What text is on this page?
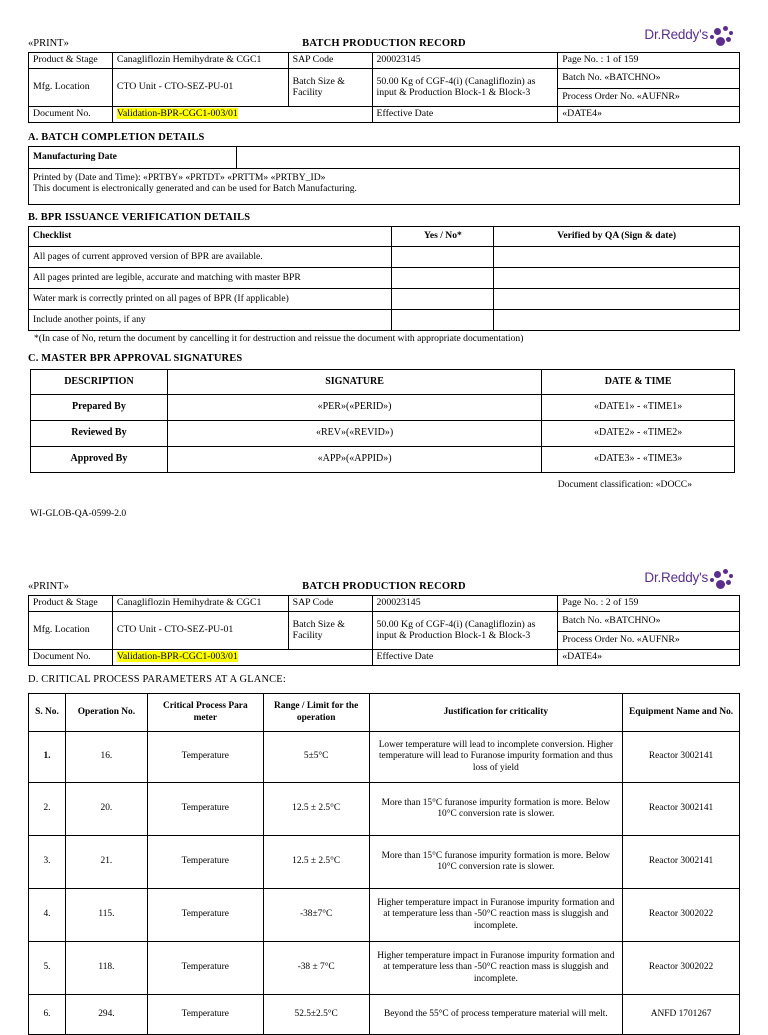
Dr.Reddy's
«PRINT»	BATCH PRODUCTION RECORD
Product & Stage	Canagliflozin Hemihydrate & CGC1	SAP Code	200023145	Page No. : 1 of 159
Mfg. Location	CTO Unit - CTO-SEZ-PU-01	Batch Size & Facility	50.00 Kg of CGF-4(i) (Canagliflozin) as input & Production Block-1 & Block-3	Batch No. «BATCHNO»
				Process Order No. «AUFNR»
Document No.	Validation-BPR-CGC1-003/01		Effective Date	«DATE4»
A. BATCH COMPLETION DETAILS
Manufacturing Date	

Printed by (Date and Time): «PRTBY» «PRTDT» «PRTTM» «PRTBY_ID»
This document is electronically generated and can be used for Batch Manufacturing.
B. BPR ISSUANCE VERIFICATION DETAILS
Checklist	Yes / No*	Verified by QA (Sign & date)
All pages of current approved version of BPR are available.		
All pages printed are legible, accurate and matching with master BPR		
Water mark is correctly printed on all pages of BPR (If applicable)		
Include another points, if any		
*(In case of No, return the document by cancelling it for destruction and reissue the document with appropriate documentation)
C. MASTER BPR APPROVAL SIGNATURES
DESCRIPTION	SIGNATURE	DATE & TIME
Prepared By	«PER»(«PERID»)	«DATE1» - «TIME1»
Reviewed By	«REV»(«REVID»)	«DATE2» - «TIME2»
Approved By	«APP»(«APPID»)	«DATE3» - «TIME3»
Document classification: «DOCC»
WI-GLOB-QA-0599-2.0
Dr.Reddy's
«PRINT»	BATCH PRODUCTION RECORD
Product & Stage	Canagliflozin Hemihydrate & CGC1	SAP Code	200023145	Page No. : 2 of 159
Mfg. Location	CTO Unit - CTO-SEZ-PU-01	Batch Size & Facility	50.00 Kg of CGF-4(i) (Canagliflozin) as input & Production Block-1 & Block-3	Batch No. «BATCHNO»
				Process Order No. «AUFNR»
Document No.	Validation-BPR-CGC1-003/01		Effective Date	«DATE4»
D. CRITICAL PROCESS PARAMETERS AT A GLANCE:
S. No.	Operation No.	Critical Process Para meter	Range / Limit for the operation	Justification for criticality	Equipment Name and No.
1.	16.	Temperature	5±5°C	Lower temperature will lead to incomplete conversion. Higher temperature will lead to Furanose impurity formation and thus loss of yield	Reactor 3002141
2.	20.	Temperature	12.5 ± 2.5°C	More than 15°C furanose impurity formation is more. Below 10°C conversion rate is slower.	Reactor 3002141
3.	21.	Temperature	12.5 ± 2.5°C	More than 15°C furanose impurity formation is more. Below 10°C conversion rate is slower.	Reactor 3002141
4.	115.	Temperature	-38±7°C	Higher temperature impact in Furanose impurity formation and at temperature less than -50°C reaction mass is sluggish and incomplete.	Reactor 3002022
5.	118.	Temperature	-38 ± 7°C	Higher temperature impact in Furanose impurity formation and at temperature less than -50°C reaction mass is sluggish and incomplete.	Reactor 3002022
6.	294.	Temperature	52.5±2.5°C	Beyond the 55°C of process temperature material will melt.	ANFD 1701267
